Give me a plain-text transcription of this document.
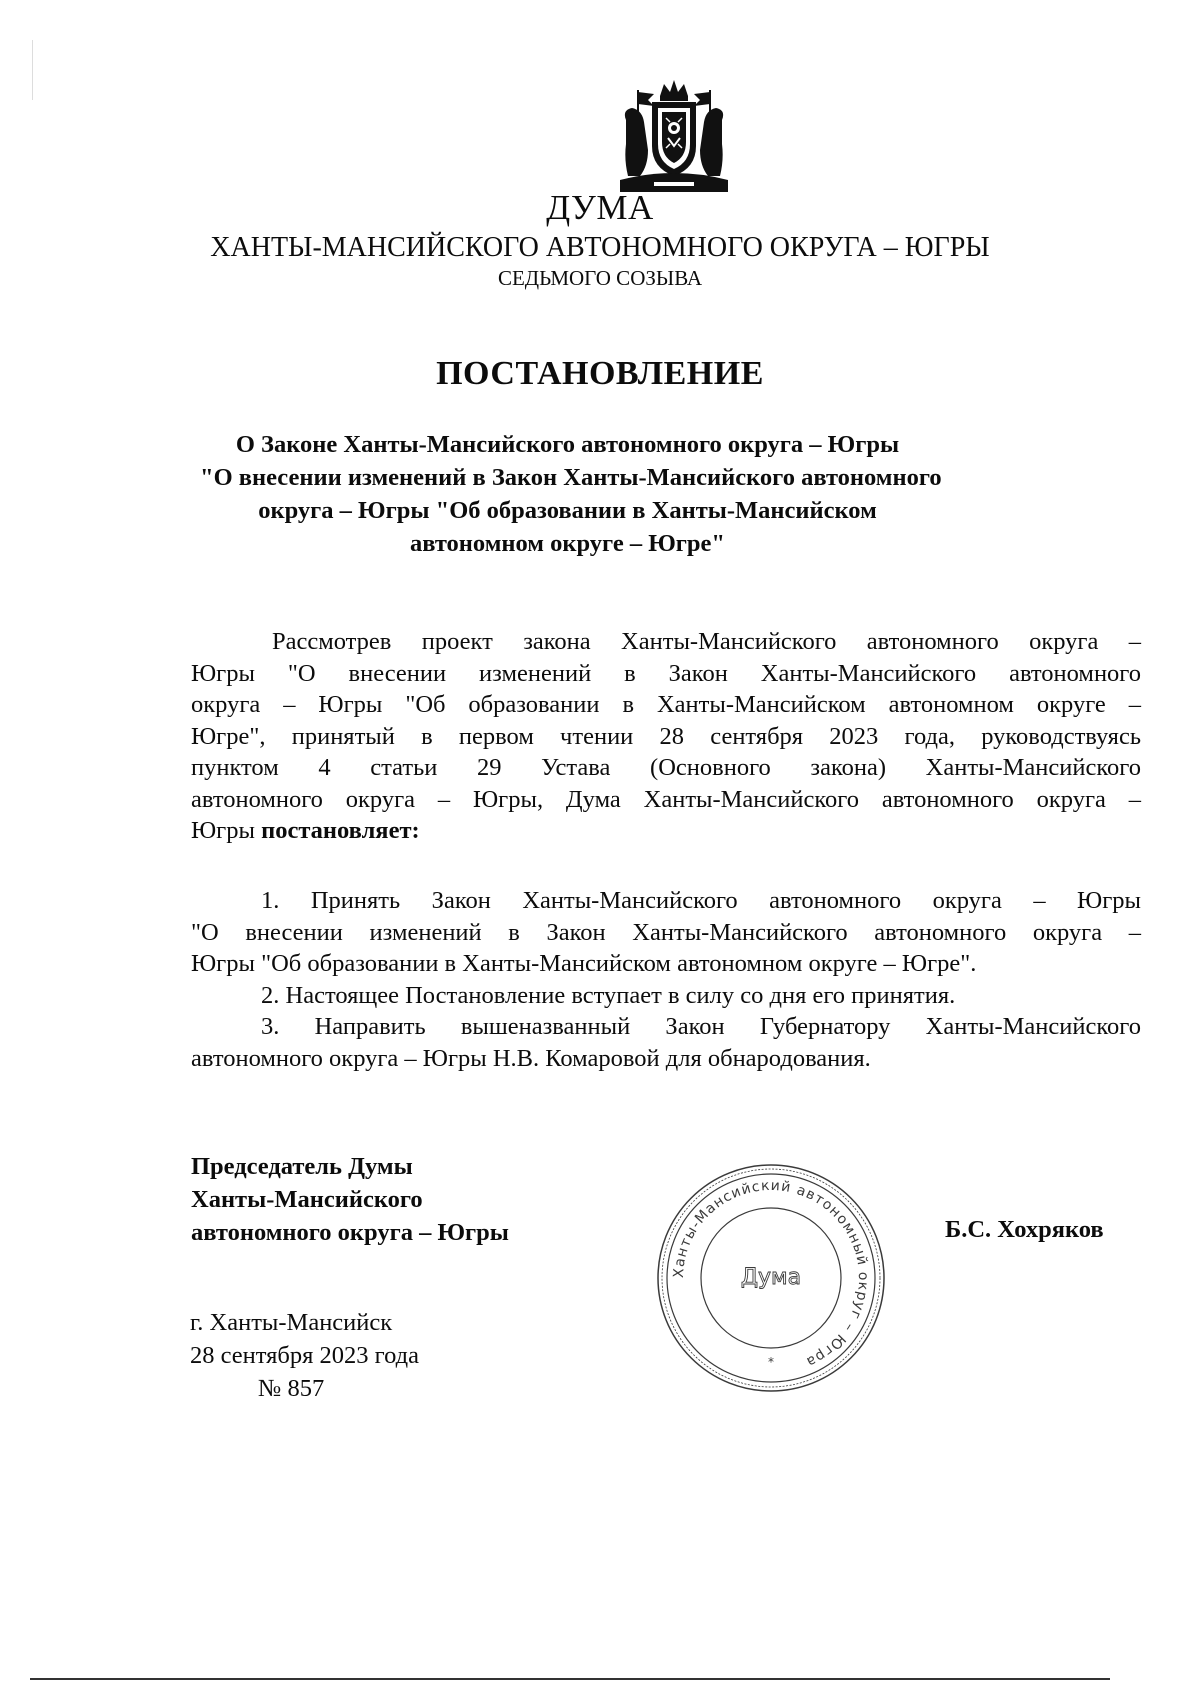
ДУМА
ХАНТЫ-МАНСИЙСКОГО АВТОНОМНОГО ОКРУГА – ЮГРЫ
СЕДЬМОГО СОЗЫВА
ПОСТАНОВЛЕНИЕ
О Законе Ханты-Мансийского автономного округа – Югры
"О внесении изменений в Закон Ханты-Мансийского автономного
округа – Югры "Об образовании в Ханты-Мансийском
автономном округе – Югре"
Рассмотрев проект закона Ханты-Мансийского автономного округа –
Югры "О внесении изменений в Закон Ханты-Мансийского автономного
округа – Югры "Об образовании в Ханты-Мансийском автономном округе –
Югре", принятый в первом чтении 28 сентября 2023 года, руководствуясь
пунктом 4 статьи 29 Устава (Основного закона) Ханты-Мансийского
автономного округа – Югры, Дума Ханты-Мансийского автономного округа –
Югры постановляет:
1. Принять Закон Ханты-Мансийского автономного округа – Югры
"О внесении изменений в Закон Ханты-Мансийского автономного округа –
Югры "Об образовании в Ханты-Мансийском автономном округе – Югре".
2. Настоящее Постановление вступает в силу со дня его принятия.
3. Направить вышеназванный Закон Губернатору Ханты-Мансийского
автономного округа – Югры Н.В. Комаровой для обнародования.
Председатель Думы
Ханты-Мансийского
автономного округа – Югры
Ханты-Мансийский автономный округ – Югра
Дума
*
Б.С. Хохряков
г. Ханты-Мансийск
28 сентября 2023 года
№ 857
